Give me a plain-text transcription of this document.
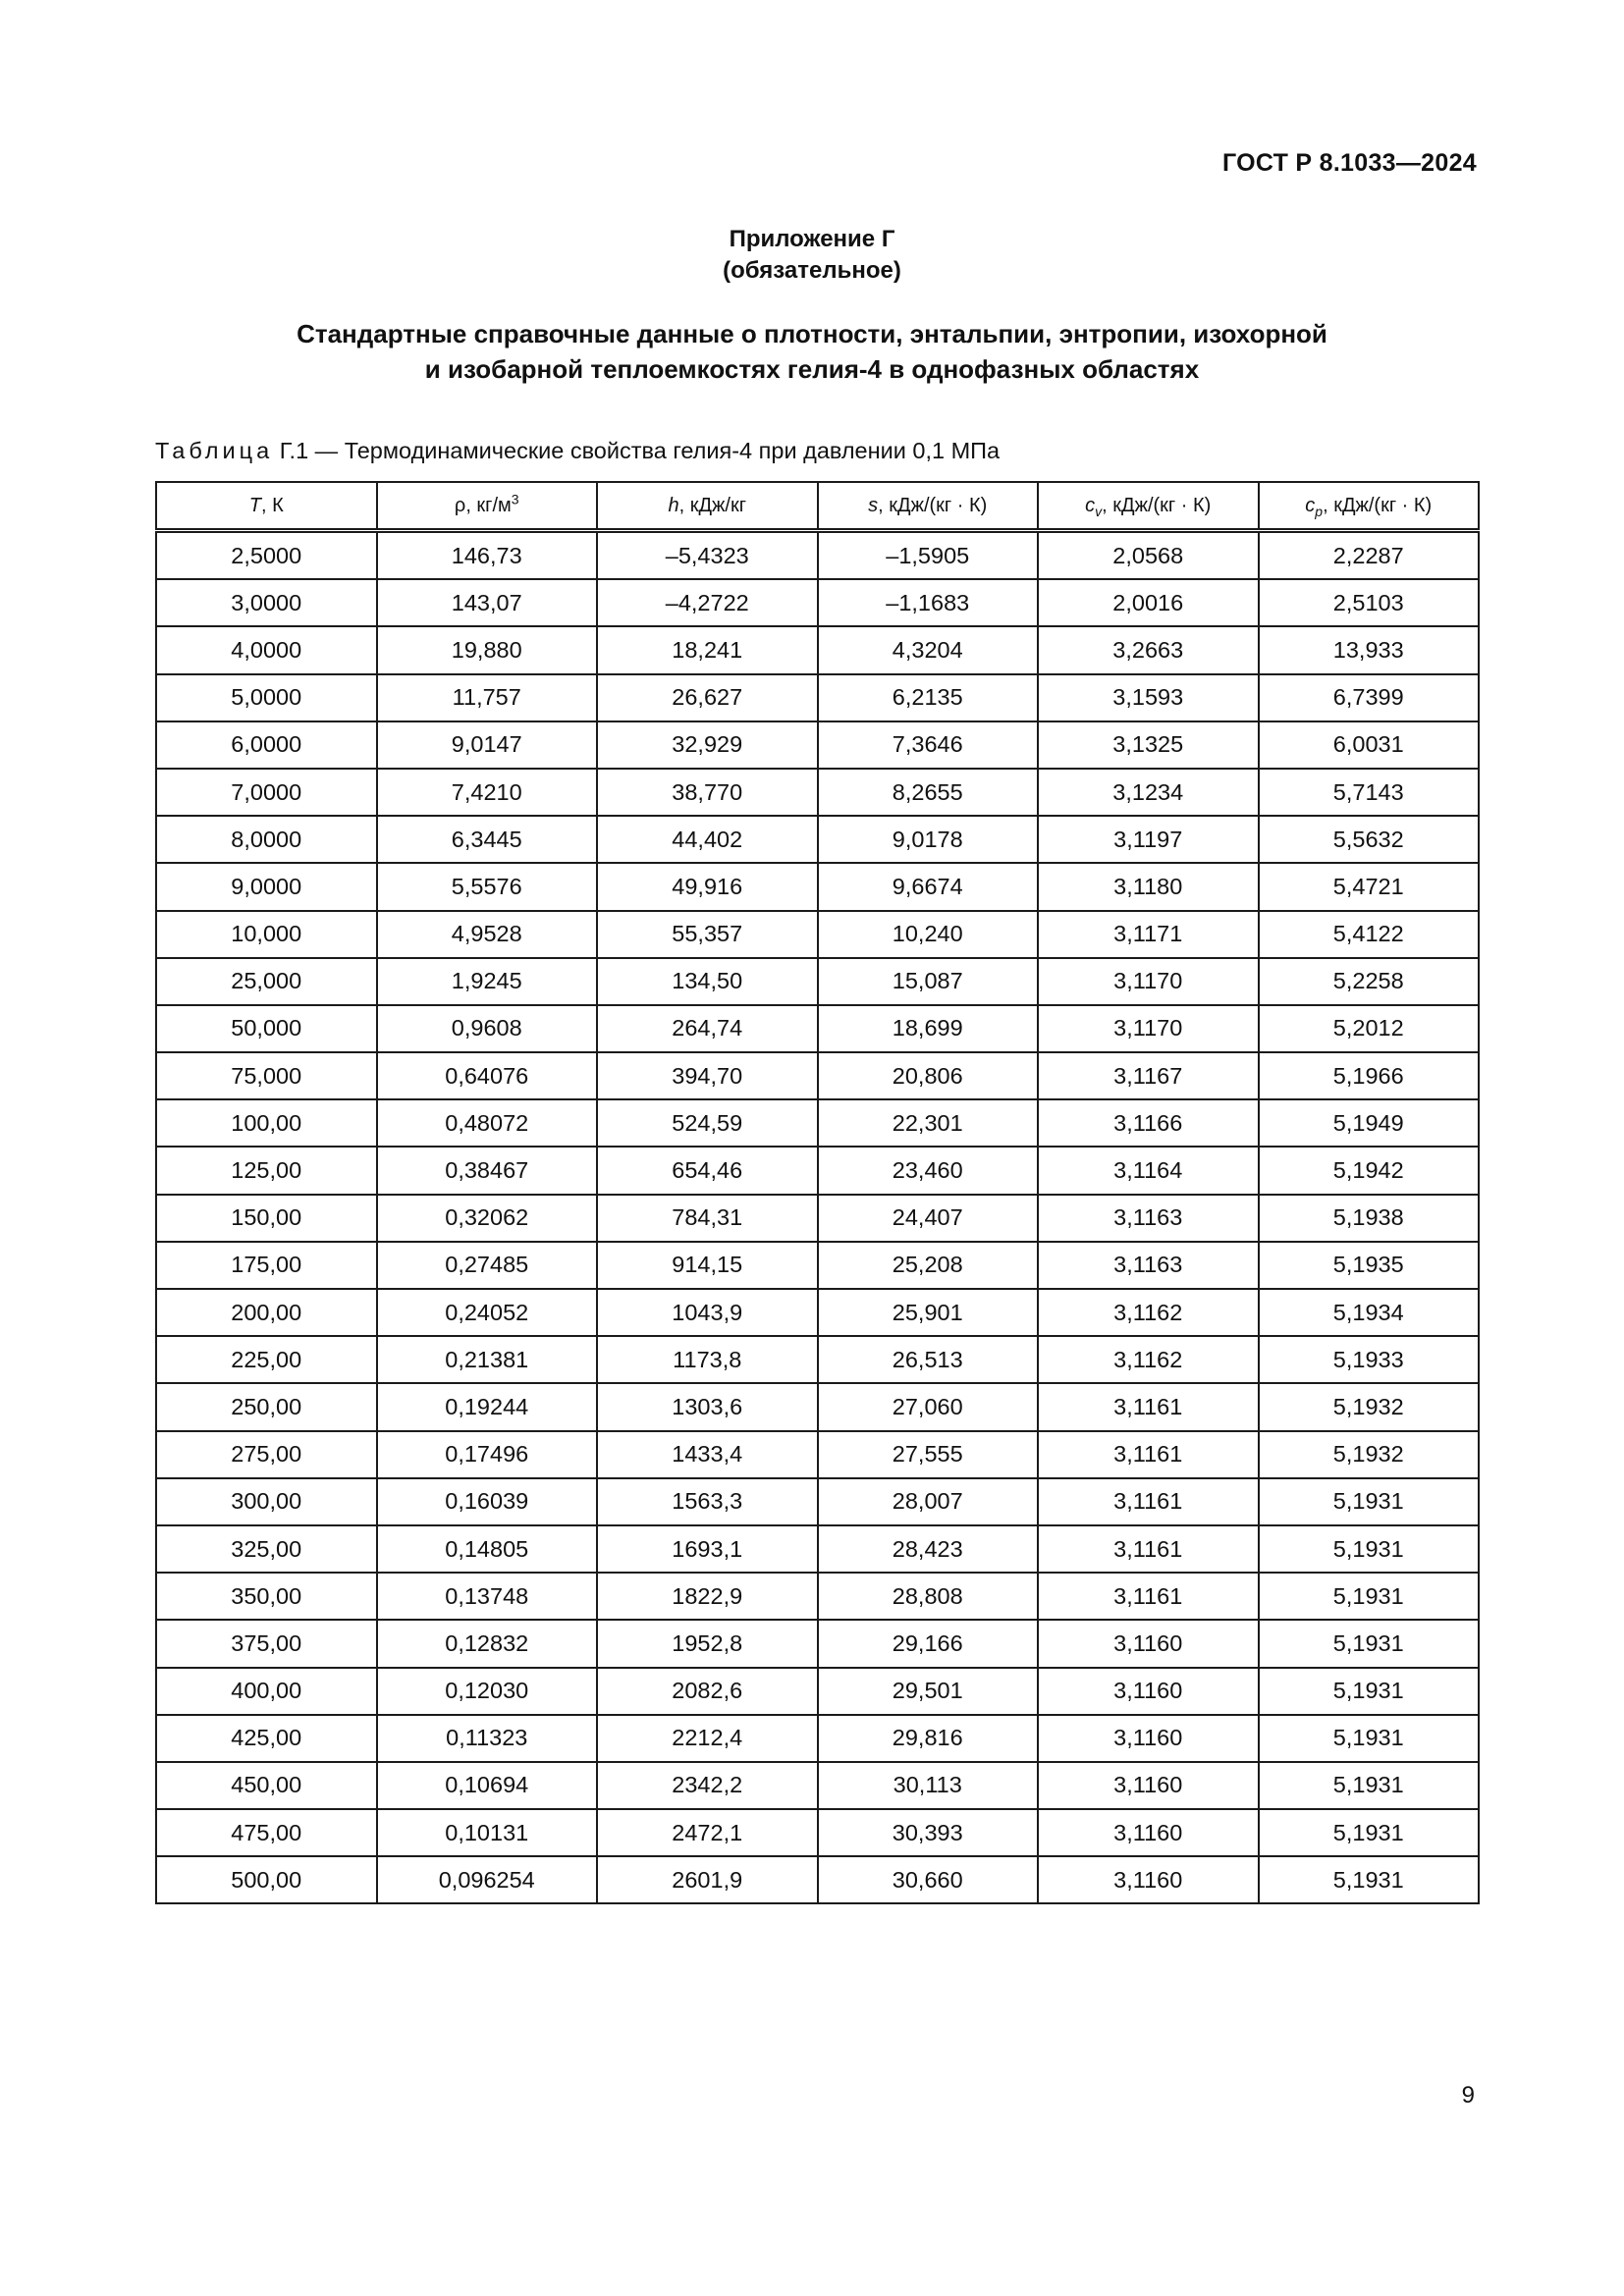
ГОСТ Р 8.1033—2024
Приложение Г
(обязательное)
Стандартные справочные данные о плотности, энтальпии, энтропии, изохорной
и изобарной теплоемкостях гелия-4 в однофазных областях
Таблица Г.1 — Термодинамические свойства гелия-4 при давлении 0,1 МПа
T, К	ρ, $кг/м^3$	h, кДж/кг	s, кДж/(кг · К)	$c_v$, кДж/(кг · К)	$c_p$, кДж/(кг · К)
2,5000	146,73	–5,4323	–1,5905	2,0568	2,2287
3,0000	143,07	–4,2722	–1,1683	2,0016	2,5103
4,0000	19,880	18,241	4,3204	3,2663	13,933
5,0000	11,757	26,627	6,2135	3,1593	6,7399
6,0000	9,0147	32,929	7,3646	3,1325	6,0031
7,0000	7,4210	38,770	8,2655	3,1234	5,7143
8,0000	6,3445	44,402	9,0178	3,1197	5,5632
9,0000	5,5576	49,916	9,6674	3,1180	5,4721
10,000	4,9528	55,357	10,240	3,1171	5,4122
25,000	1,9245	134,50	15,087	3,1170	5,2258
50,000	0,9608	264,74	18,699	3,1170	5,2012
75,000	0,64076	394,70	20,806	3,1167	5,1966
100,00	0,48072	524,59	22,301	3,1166	5,1949
125,00	0,38467	654,46	23,460	3,1164	5,1942
150,00	0,32062	784,31	24,407	3,1163	5,1938
175,00	0,27485	914,15	25,208	3,1163	5,1935
200,00	0,24052	1043,9	25,901	3,1162	5,1934
225,00	0,21381	1173,8	26,513	3,1162	5,1933
250,00	0,19244	1303,6	27,060	3,1161	5,1932
275,00	0,17496	1433,4	27,555	3,1161	5,1932
300,00	0,16039	1563,3	28,007	3,1161	5,1931
325,00	0,14805	1693,1	28,423	3,1161	5,1931
350,00	0,13748	1822,9	28,808	3,1161	5,1931
375,00	0,12832	1952,8	29,166	3,1160	5,1931
400,00	0,12030	2082,6	29,501	3,1160	5,1931
425,00	0,11323	2212,4	29,816	3,1160	5,1931
450,00	0,10694	2342,2	30,113	3,1160	5,1931
475,00	0,10131	2472,1	30,393	3,1160	5,1931
500,00	0,096254	2601,9	30,660	3,1160	5,1931
9
